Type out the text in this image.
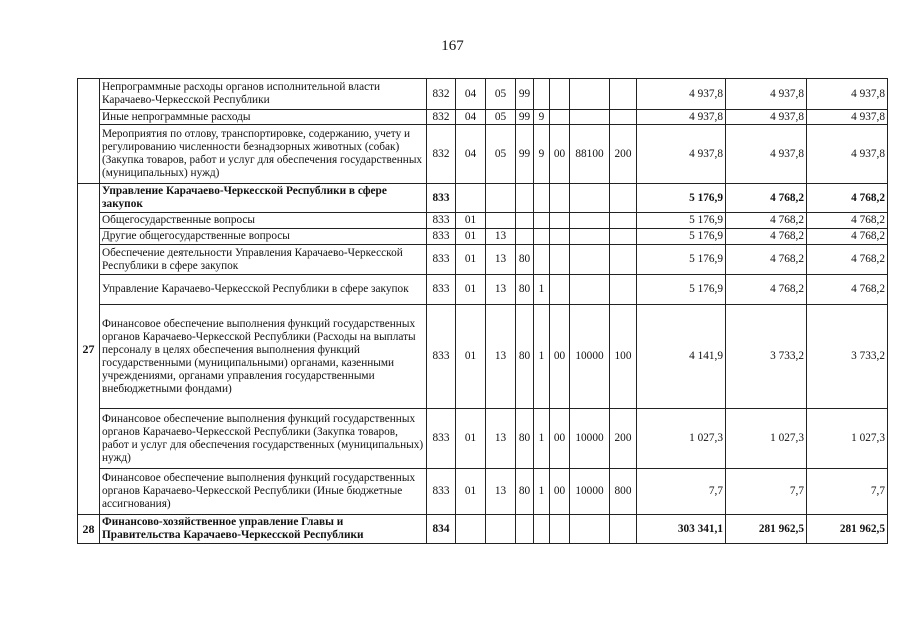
167
	Непрограммные расходы органов исполнительной власти Карачаево-Черкесской Республики	832	04	05	99					4 937,8	4 937,8	4 937,8
	Иные непрограммные расходы	832	04	05	99	9				4 937,8	4 937,8	4 937,8
	Мероприятия по отлову, транспортировке, содержанию, учету и регулированию численности безнадзорных животных (собак) (Закупка товаров, работ и услуг для обеспечения государственных (муниципальных) нужд)	832	04	05	99	9	00	88100	200	4 937,8	4 937,8	4 937,8
27	Управление Карачаево-Черкесской Республики в сфере закупок	833								5 176,9	4 768,2	4 768,2
	Общегосударственные вопросы	833	01							5 176,9	4 768,2	4 768,2
	Другие общегосударственные вопросы	833	01	13						5 176,9	4 768,2	4 768,2
	Обеспечение деятельности Управления Карачаево-Черкесской Республики в сфере закупок	833	01	13	80					5 176,9	4 768,2	4 768,2
	Управление Карачаево-Черкесской Республики в сфере закупок	833	01	13	80	1				5 176,9	4 768,2	4 768,2
	Финансовое обеспечение выполнения функций государственных органов Карачаево-Черкесской Республики (Расходы на выплаты персоналу в целях обеспечения выполнения функций государственными (муниципальными) органами, казенными учреждениями, органами управления государственными внебюджетными фондами)	833	01	13	80	1	00	10000	100	4 141,9	3 733,2	3 733,2
	Финансовое обеспечение выполнения функций государственных органов Карачаево-Черкесской Республики (Закупка товаров, работ и услуг для обеспечения государственных (муниципальных) нужд)	833	01	13	80	1	00	10000	200	1 027,3	1 027,3	1 027,3
	Финансовое обеспечение выполнения функций государственных органов Карачаево-Черкесской Республики (Иные бюджетные ассигнования)	833	01	13	80	1	00	10000	800	7,7	7,7	7,7
28	Финансово-хозяйственное управление Главы и Правительства Карачаево-Черкесской Республики	834								303 341,1	281 962,5	281 962,5
